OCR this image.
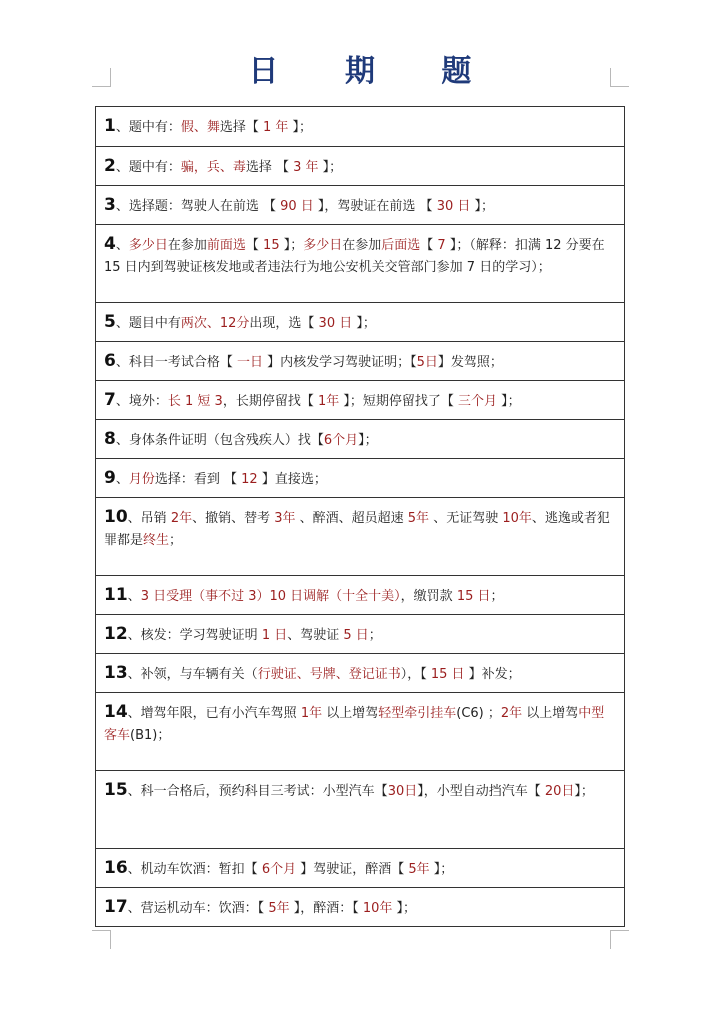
日 期 题
1、题中有：假、舞选择【 1 年 】；
2、题中有：骗，兵、毒选择 【 3 年 】；
3、选择题：驾驶人在前选 【 90 日 】，驾驶证在前选 【 30 日 】；
4、多少日在参加前面选【 15 】；多少日在参加后面选【 7 】；（解释：扣满 12 分要在 15 日内到驾驶证核发地或者违法行为地公安机关交管部门参加 7 日的学习）；
5、题目中有两次、12分出现，选【 30 日 】；
6、科目一考试合格【 一日 】内核发学习驾驶证明；【5日】发驾照；
7、境外：长 1 短 3，长期停留找【 1年 】；短期停留找了【 三个月 】；
8、身体条件证明（包含残疾人）找【6个月】；
9、月份选择：看到 【 12 】直接选；
10、吊销 2年、撤销、替考 3年 、醉酒、超员超速 5年 、无证驾驶 10年、逃逸或者犯罪都是终生；
11、3 日受理（事不过 3）10 日调解（十全十美），缴罚款 15 日；
12、核发：学习驾驶证明 1 日、驾驶证 5 日；
13、补领，与车辆有关（行驶证、号牌、登记证书），【 15 日 】补发；
14、增驾年限，已有小汽车驾照 1年 以上增驾轻型牵引挂车(C6) ；2年 以上增驾中型客车(B1)；
15、科一合格后，预约科目三考试：小型汽车【30日】，小型自动挡汽车【 20日】；
16、机动车饮酒：暂扣【 6个月 】驾驶证，醉酒【 5年 】；
17、营运机动车：饮酒：【 5年 】，醉酒：【 10年 】；
